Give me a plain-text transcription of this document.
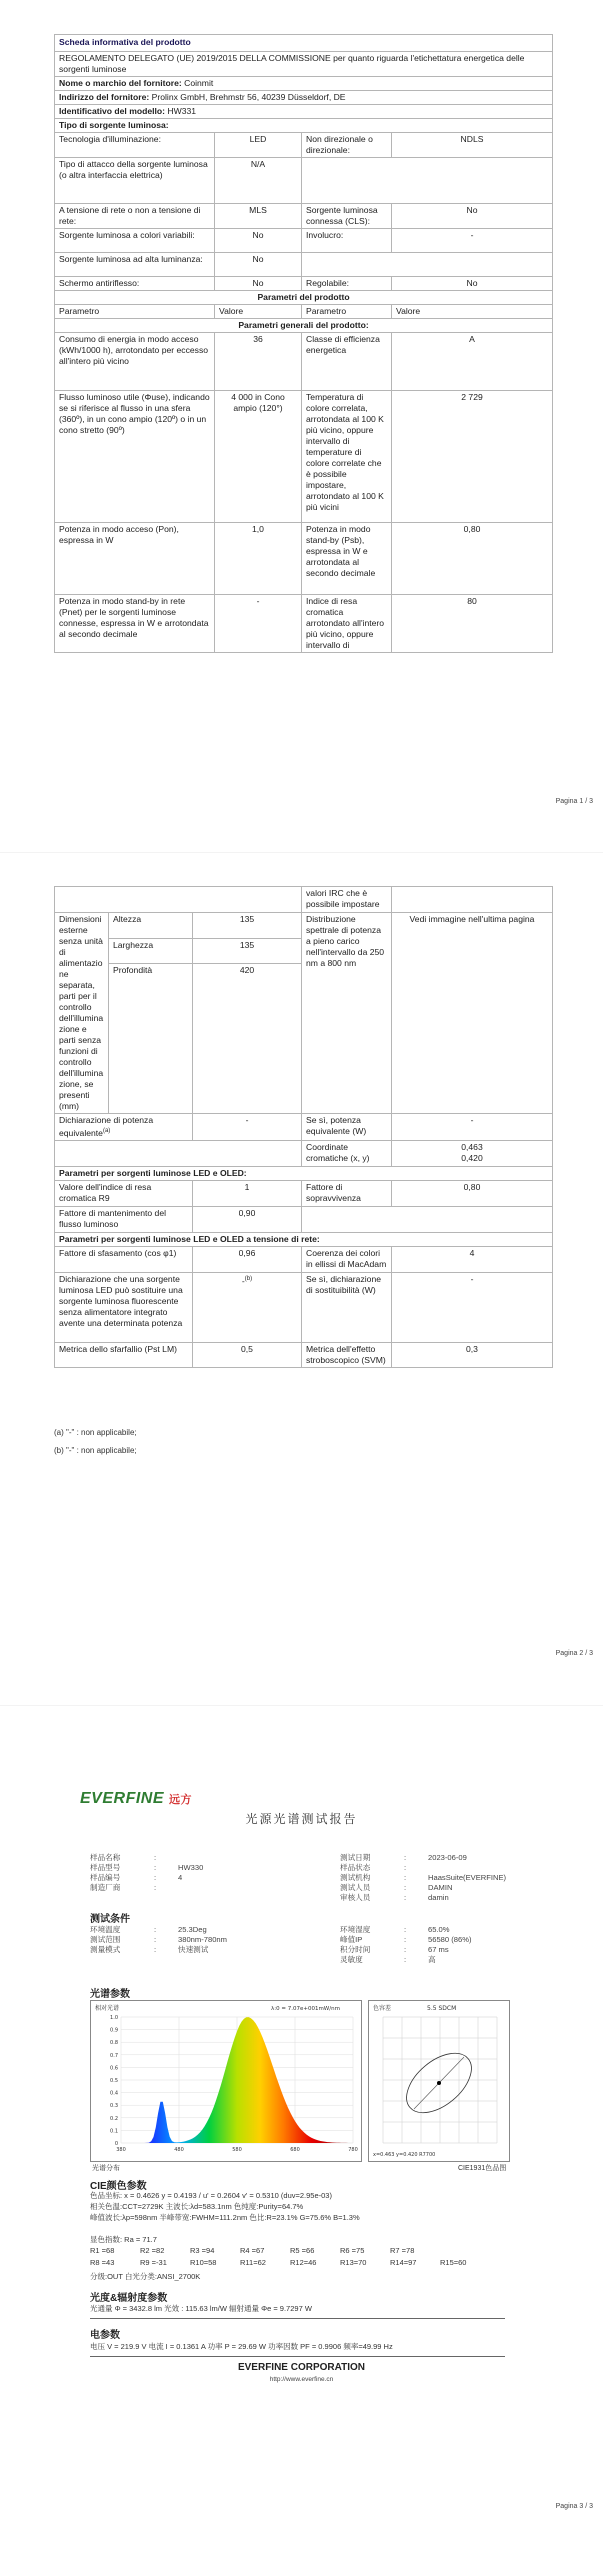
Scheda informativa del prodotto			
REGOLAMENTO DELEGATO (UE) 2019/2015 DELLA COMMISSIONE per quanto riguarda l'etichettatura energetica delle sorgenti luminose			
Nome o marchio del fornitore: Coinmit			
Indirizzo del fornitore: Prolinx GmbH, Brehmstr 56, 40239 Düsseldorf, DE			
Identificativo del modello: HW331			
Tipo di sorgente luminosa:			
Tecnologia d'illuminazione:	LED	Non direzionale o direzionale:	NDLS
Tipo di attacco della sorgente luminosa (o altra interfaccia elettrica)	N/A		
A tensione di rete o non a tensione di rete:	MLS	Sorgente luminosa connessa (CLS):	No
Sorgente luminosa a colori variabili:	No	Involucro:	-
Sorgente luminosa ad alta luminanza:	No		
Schermo antiriflesso:	No	Regolabile:	No
Parametri del prodotto			
Parametro	Valore	Parametro	Valore
Parametri generali del prodotto:			
Consumo di energia in modo acceso (kWh/1000 h), arrotondato per eccesso all'intero più vicino	36	Classe di efficienza energetica	A
Flusso luminoso utile (Φuse), indicando se si riferisce al flusso in una sfera (360º), in un cono ampio (120º) o in un cono stretto (90º)	4 000 in Cono ampio (120°)	Temperatura di colore correlata, arrotondata al 100 K più vicino, oppure intervallo di temperature di colore correlate che è possibile impostare, arrotondato al 100 K più vicini	2 729
Potenza in modo acceso (Pon), espressa in W	1,0	Potenza in modo stand-by (Psb), espressa in W e arrotondata al secondo decimale	0,80
Potenza in modo stand-by in rete (Pnet) per le sorgenti luminose connesse, espressa in W e arrotondata al secondo decimale	-	Indice di resa cromatica arrotondato all'intero più vicino, oppure intervallo di	80
Pagina 1 / 3
			valori IRC che è possibile impostare	
Dimensioni esterne senza unità di alimentazione separata, parti per il controllo dell'illuminazione e parti senza funzioni di controllo dell'illuminazione, se presenti (mm)	Altezza	135	Distribuzione spettrale di potenza a pieno carico nell'intervallo da 250 nm a 800 nm	Vedi immagine nell'ultima pagina
	Larghezza	135		
	Profondità	420		
Dichiarazione di potenza equivalente$^{(a)}$		-	Se sì, potenza equivalente (W)	-
			Coordinate cromatiche (x, y)	0,463
0,420

Parametri per sorgenti luminose LED e OLED:				
Valore dell'indice di resa cromatica R9		1	Fattore di sopravvivenza	0,80
Fattore di mantenimento del flusso luminoso		0,90		
Parametri per sorgenti luminose LED e OLED a tensione di rete:				
Fattore di sfasamento (cos φ1)		0,96	Coerenza dei colori in ellissi di MacAdam	4
Dichiarazione che una sorgente luminosa LED può sostituire una sorgente luminosa fluorescente senza alimentatore integrato avente una determinata potenza		-$^{(b)}$	Se sì, dichiarazione di sostituibilità (W)	-
Metrica dello sfarfallio (Pst LM)		0,5	Metrica dell'effetto stroboscopico (SVM)	0,3
(a) "-" : non applicabile;
(b) "-" : non applicabile;
Pagina 2 / 3
EVERFINE 远方
光源光谱测试报告
样品名称	:	
样品型号	:	HW330
样品编号	:	4
制造厂商	:	
测试日期	:	2023-06-09
样品状态	:	
测试机构	:	HaasSuite(EVERFINE)
测试人员	:	DAMIN
审核人员	:	damin
测试条件
环境温度	:	25.3Deg
测试范围	:	380nm-780nm
测量模式	:	快速测试
环境湿度	:	65.0%
峰值IP	:	56580 (86%)
积分时间	:	67 ms
灵敏度	:	高
光谱参数
1.0
0.9
0.8
0.7
0.6
0.5
0.4
0.3
0.2
0.1
0
380	480	580	680	780
相对光谱	λ:0 = 7.07e+001mW/nm
光谱分布
色容差	5.5 SDCM
x=0.463 y=0.420 R7700
CIE1931色品图
CIE颜色参数
色品坐标: x = 0.4626 y = 0.4193 / u' = 0.2604 v' = 0.5310 (duv=2.95e-03)
相关色温:CCT=2729K 主波长:λd=583.1nm 色纯度:Purity=64.7%
峰值波长:λp=598nm 半峰带宽:FWHM=111.2nm 色比:R=23.1% G=75.6% B=1.3%
显色指数: Ra = 71.7
R1 =68	R2 =82	R3 =94	R4 =67	R5 =66	R6 =75	R7 =78
R8 =43	R9 =-31	R10=58	R11=62	R12=46	R13=70	R14=97	R15=60
分级:OUT 白光分类:ANSI_2700K
光度&辐射度参数
光通量 Φ = 3432.8 lm 光效 : 115.63 lm/W 辐射通量 Φe = 9.7297 W
电参数
电压 V = 219.9 V 电流 I = 0.1361 A 功率 P = 29.69 W 功率因数 PF = 0.9906 频率=49.99 Hz
EVERFINE CORPORATION
http://www.everfine.cn
Pagina 3 / 3
